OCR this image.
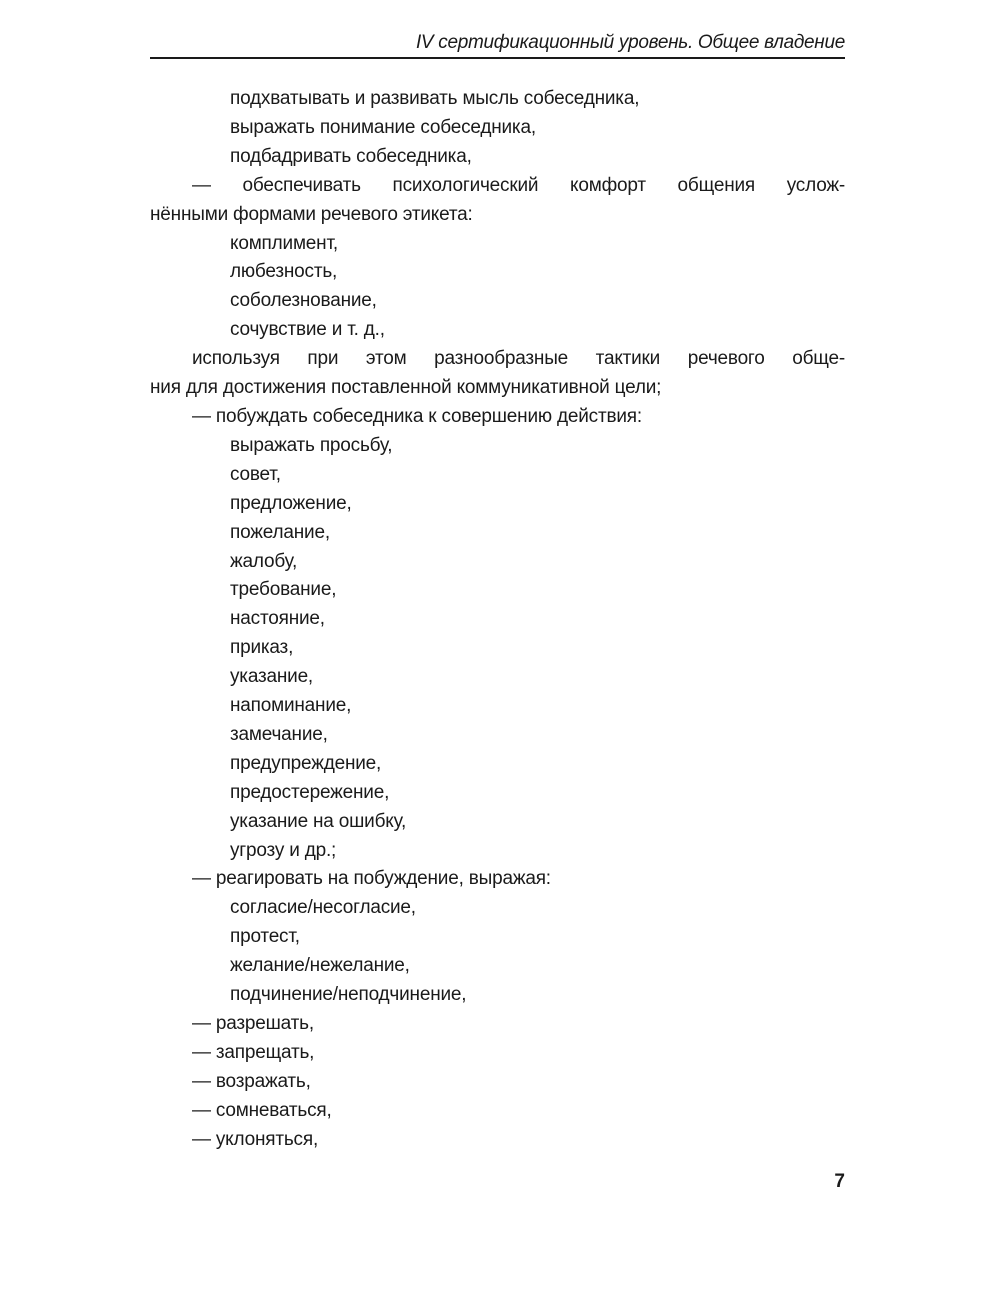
IV сертификационный уровень. Общее владение
подхватывать и развивать мысль собеседника,
выражать понимание собеседника,
подбадривать собеседника,
— обеспечивать психологический комфорт общения услож-
нёнными формами речевого этикета:
комплимент,
любезность,
соболезнование,
сочувствие и т. д.,
используя при этом разнообразные тактики речевого обще-
ния для достижения поставленной коммуникативной цели;
— побуждать собеседника к совершению действия:
выражать просьбу,
совет,
предложение,
пожелание,
жалобу,
требование,
настояние,
приказ,
указание,
напоминание,
замечание,
предупреждение,
предостережение,
указание на ошибку,
угрозу и др.;
— реагировать на побуждение, выражая:
согласие/несогласие,
протест,
желание/нежелание,
подчинение/неподчинение,
— разрешать,
— запрещать,
— возражать,
— сомневаться,
— уклоняться,
7
